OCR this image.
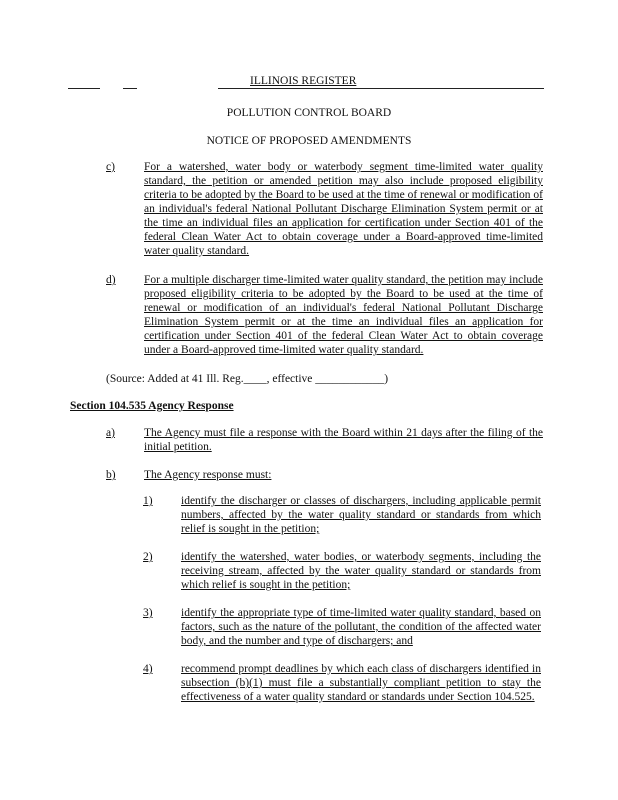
ILLINOIS REGISTER
POLLUTION CONTROL BOARD
NOTICE OF PROPOSED AMENDMENTS
c)	For a watershed, water body or waterbody segment time-limited water quality standard, the petition or amended petition may also include proposed eligibility criteria to be adopted by the Board to be used at the time of renewal or modification of an individual's federal National Pollutant Discharge Elimination System permit or at the time an individual files an application for certification under Section 401 of the federal Clean Water Act to obtain coverage under a Board-approved time-limited water quality standard.
d)	For a multiple discharger time-limited water quality standard, the petition may include proposed eligibility criteria to be adopted by the Board to be used at the time of renewal or modification of an individual's federal National Pollutant Discharge Elimination System permit or at the time an individual files an application for certification under Section 401 of the federal Clean Water Act to obtain coverage under a Board-approved time-limited water quality standard.
(Source: Added at 41 Ill. Reg.____, effective ____________)
Section 104.535 Agency Response
a)	The Agency must file a response with the Board within 21 days after the filing of the initial petition.
b)	The Agency response must:
1)	identify the discharger or classes of dischargers, including applicable permit numbers, affected by the water quality standard or standards from which relief is sought in the petition;
2)	identify the watershed, water bodies, or waterbody segments, including the receiving stream, affected by the water quality standard or standards from which relief is sought in the petition;
3)	identify the appropriate type of time-limited water quality standard, based on factors, such as the nature of the pollutant, the condition of the affected water body, and the number and type of dischargers; and
4)	recommend prompt deadlines by which each class of dischargers identified in subsection (b)(1) must file a substantially compliant petition to stay the effectiveness of a water quality standard or standards under Section 104.525.
